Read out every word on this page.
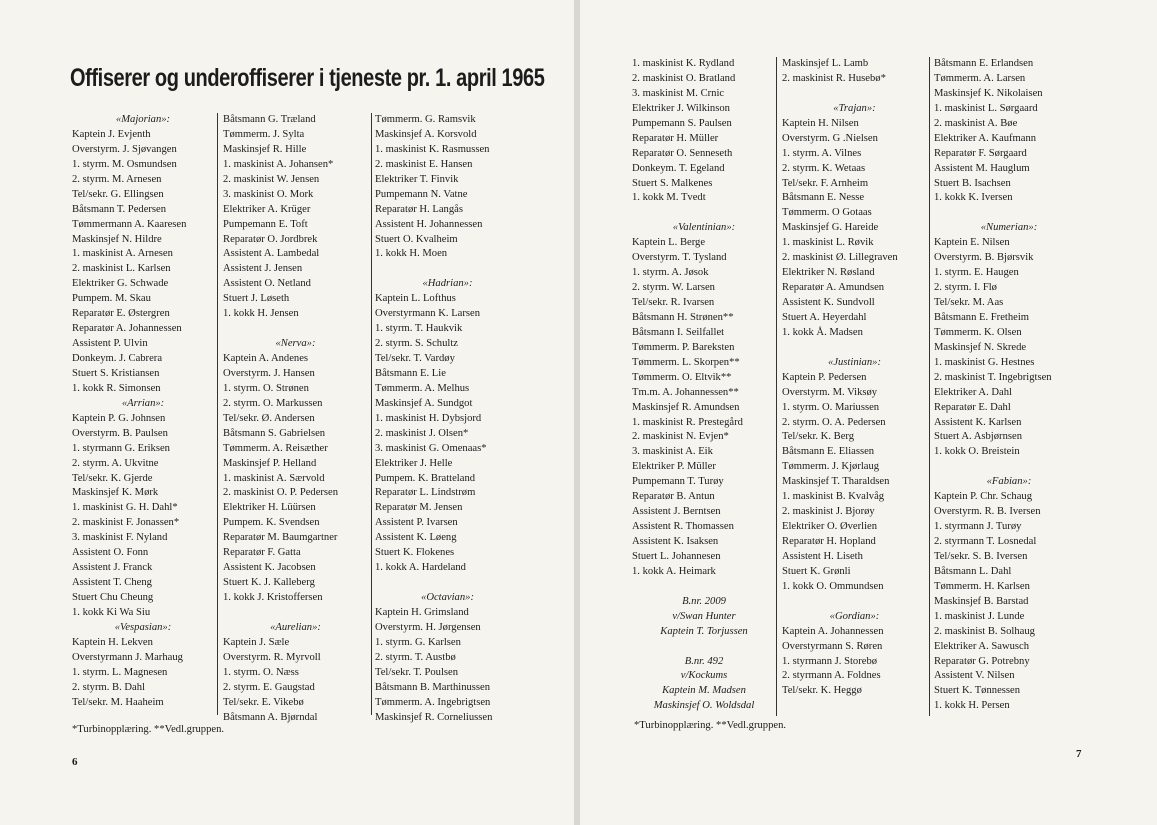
Offiserer og underoffiserer i tjeneste pr. 1. april 1965
«Majorian»:
Kaptein J. Evjenth
Overstyrm. J. Sjøvangen
1. styrm. M. Osmundsen
2. styrm. M. Arnesen
Tel/sekr. G. Ellingsen
Båtsmann T. Pedersen
Tømmermann A. Kaaresen
Maskinsjef N. Hildre
1. maskinist A. Arnesen
2. maskinist L. Karlsen
Elektriker G. Schwade
Pumpem. M. Skau
Reparatør E. Østergren
Reparatør A. Johannessen
Assistent P. Ulvin
Donkeym. J. Cabrera
Stuert S. Kristiansen
1. kokk R. Simonsen
«Arrian»:
Kaptein P. G. Johnsen
Overstyrm. B. Paulsen
1. styrmann G. Eriksen
2. styrm. A. Ukvitne
Tel/sekr. K. Gjerde
Maskinsjef K. Mørk
1. maskinist G. H. Dahl*
2. maskinist F. Jonassen*
3. maskinist F. Nyland
Assistent O. Fonn
Assistent J. Franck
Assistent T. Cheng
Stuert Chu Cheung
1. kokk Ki Wa Siu
«Vespasian»:
Kaptein H. Lekven
Overstyrmann J. Marhaug
1. styrm. L. Magnesen
2. styrm. B. Dahl
Tel/sekr. M. Haaheim
Båtsmann G. Træland
Tømmerm. J. Sylta
Maskinsjef R. Hille
1. maskinist A. Johansen*
2. maskinist W. Jensen
3. maskinist O. Mork
Elektriker A. Krüger
Pumpemann E. Toft
Reparatør O. Jordbrek
Assistent A. Lambedal
Assistent J. Jensen
Assistent O. Netland
Stuert J. Løseth
1. kokk H. Jensen
«Nerva»:
Kaptein A. Andenes
Overstyrm. J. Hansen
1. styrm. O. Strønen
2. styrm. O. Markussen
Tel/sekr. Ø. Andersen
Båtsmann S. Gabrielsen
Tømmerm. A. Reisæther
Maskinsjef P. Helland
1. maskinist A. Særvold
2. maskinist O. P. Pedersen
Elektriker H. Lüürsen
Pumpem. K. Svendsen
Reparatør M. Baumgartner
Reparatør F. Gatta
Assistent K. Jacobsen
Stuert K. J. Kalleberg
1. kokk J. Kristoffersen
«Aurelian»:
Kaptein J. Sæle
Overstyrm. R. Myrvoll
1. styrm. O. Næss
2. styrm. E. Gaugstad
Tel/sekr. E. Vikebø
Båtsmann A. Bjørndal
Tømmerm. G. Ramsvik
Maskinsjef A. Korsvold
1. maskinist K. Rasmussen
2. maskinist E. Hansen
Elektriker T. Finvik
Pumpemann N. Vatne
Reparatør H. Langås
Assistent H. Johannessen
Stuert O. Kvalheim
1. kokk H. Moen
«Hadrian»:
Kaptein L. Lofthus
Overstyrmann K. Larsen
1. styrm. T. Haukvik
2. styrm. S. Schultz
Tel/sekr. T. Vardøy
Båtsmann E. Lie
Tømmerm. A. Melhus
Maskinsjef A. Sundgot
1. maskinist H. Dybsjord
2. maskinist J. Olsen*
3. maskinist G. Omenaas*
Elektriker J. Helle
Pumpem. K. Bratteland
Reparatør L. Lindstrøm
Reparatør M. Jensen
Assistent P. Ivarsen
Assistent K. Løeng
Stuert K. Flokenes
1. kokk A. Hardeland
«Octavian»:
Kaptein H. Grimsland
Overstyrm. H. Jørgensen
1. styrm. G. Karlsen
2. styrm. T. Austbø
Tel/sekr. T. Poulsen
Båtsmann B. Marthinussen
Tømmerm. A. Ingebrigtsen
Maskinsjef R. Corneliussen
*Turbinopplæring. **Vedl.gruppen.
6
1. maskinist K. Rydland
2. maskinist O. Bratland
3. maskinist M. Crnic
Elektriker J. Wilkinson
Pumpemann S. Paulsen
Reparatør H. Müller
Reparatør O. Senneseth
Donkeym. T. Egeland
Stuert S. Malkenes
1. kokk M. Tvedt
«Valentinian»:
Kaptein L. Berge
Overstyrm. T. Tysland
1. styrm. A. Jøsok
2. styrm. W. Larsen
Tel/sekr. R. Ivarsen
Båtsmann H. Strønen**
Båtsmann I. Seilfallet
Tømmerm. P. Bareksten
Tømmerm. L. Skorpen**
Tømmerm. O. Eltvik**
Tm.m. A. Johannessen**
Maskinsjef R. Amundsen
1. maskinist R. Prestegård
2. maskinist N. Evjen*
3. maskinist A. Eik
Elektriker P. Müller
Pumpemann T. Turøy
Reparatør B. Antun
Assistent J. Berntsen
Assistent R. Thomassen
Assistent K. Isaksen
Stuert L. Johannesen
1. kokk A. Heimark
B.nr. 2009
v/Swan Hunter
Kaptein T. Torjussen
B.nr. 492
v/Kockums
Kaptein M. Madsen
Maskinsjef O. Woldsdal
Maskinsjef L. Lamb
2. maskinist R. Husebø*
«Trajan»:
Kaptein H. Nilsen
Overstyrm. G .Nielsen
1. styrm. A. Vilnes
2. styrm. K. Wetaas
Tel/sekr. F. Arnheim
Båtsmann E. Nesse
Tømmerm. O Gotaas
Maskinsjef G. Hareide
1. maskinist L. Røvik
2. maskinist Ø. Lillegraven
Elektriker N. Røsland
Reparatør A. Amundsen
Assistent K. Sundvoll
Stuert A. Heyerdahl
1. kokk Å. Madsen
«Justinian»:
Kaptein P. Pedersen
Overstyrm. M. Viksøy
1. styrm. O. Mariussen
2. styrm. O. A. Pedersen
Tel/sekr. K. Berg
Båtsmann E. Eliassen
Tømmerm. J. Kjørlaug
Maskinsjef T. Tharaldsen
1. maskinist B. Kvalvåg
2. maskinist J. Bjorøy
Elektriker O. Øverlien
Reparatør H. Hopland
Assistent H. Liseth
Stuert K. Grønli
1. kokk O. Ommundsen
«Gordian»:
Kaptein A. Johannessen
Overstyrmann S. Røren
1. styrmann J. Storebø
2. styrmann A. Foldnes
Tel/sekr. K. Heggø
Båtsmann E. Erlandsen
Tømmerm. A. Larsen
Maskinsjef K. Nikolaisen
1. maskinist L. Sørgaard
2. maskinist A. Bøe
Elektriker A. Kaufmann
Reparatør F. Sørgaard
Assistent M. Hauglum
Stuert B. Isachsen
1. kokk K. Iversen
«Numerian»:
Kaptein E. Nilsen
Overstyrm. B. Bjørsvik
1. styrm. E. Haugen
2. styrm. I. Flø
Tel/sekr. M. Aas
Båtsmann E. Fretheim
Tømmerm. K. Olsen
Maskinsjef N. Skrede
1. maskinist G. Hestnes
2. maskinist T. Ingebrigtsen
Elektriker A. Dahl
Reparatør E. Dahl
Assistent K. Karlsen
Stuert A. Asbjørnsen
1. kokk O. Breistein
«Fabian»:
Kaptein P. Chr. Schaug
Overstyrm. R. B. Iversen
1. styrmann J. Turøy
2. styrmann T. Losnedal
Tel/sekr. S. B. Iversen
Båtsmann L. Dahl
Tømmerm. H. Karlsen
Maskinsjef B. Barstad
1. maskinist J. Lunde
2. maskinist B. Solhaug
Elektriker A. Sawusch
Reparatør G. Potrebny
Assistent V. Nilsen
Stuert K. Tønnessen
1. kokk H. Persen
*Turbinopplæring. **Vedl.gruppen.
7
